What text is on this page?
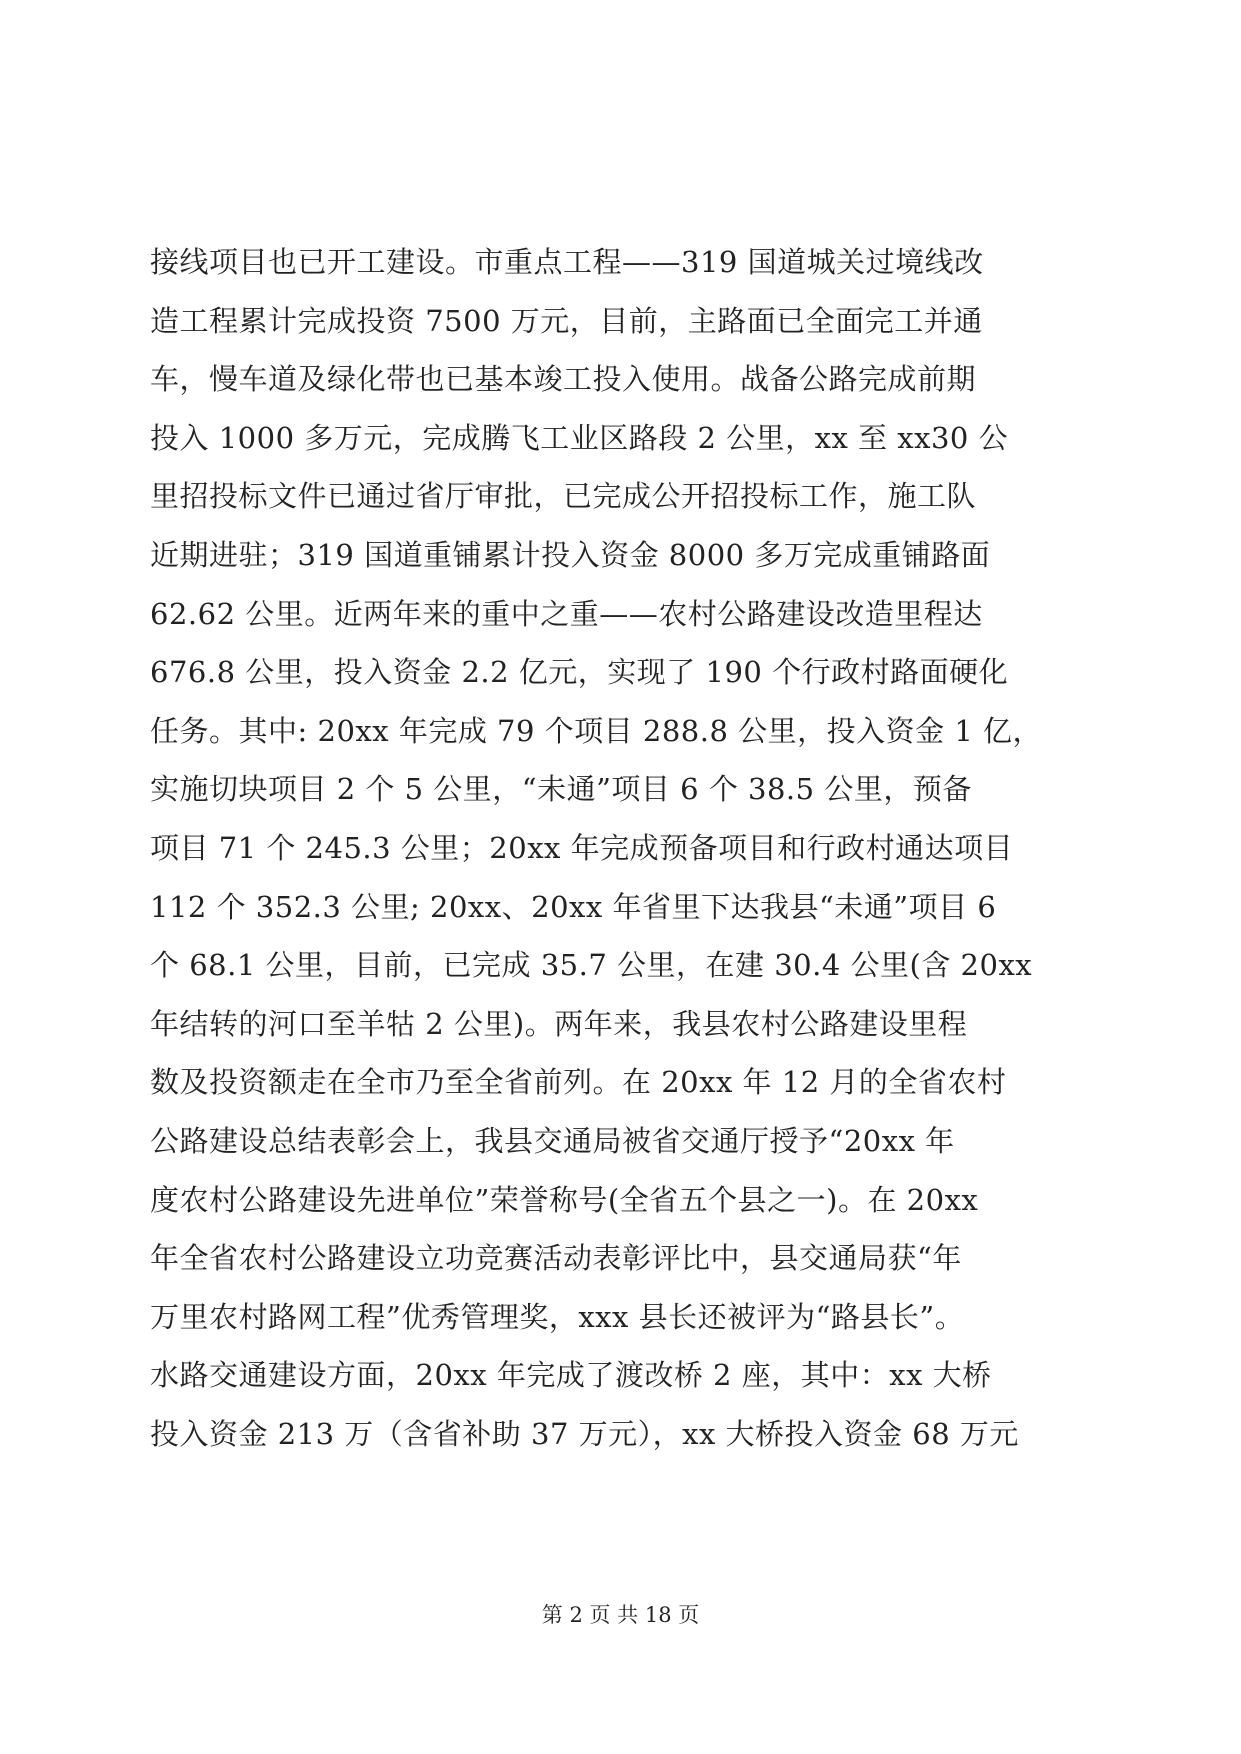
接线项目也已开工建设。市重点工程——319 国道城关过境线改
造工程累计完成投资 7500 万元，目前，主路面已全面完工并通
车，慢车道及绿化带也已基本竣工投入使用。战备公路完成前期
投入 1000 多万元，完成腾飞工业区路段 2 公里，xx 至 xx30 公
里招投标文件已通过省厅审批，已完成公开招投标工作，施工队
近期进驻；319 国道重铺累计投入资金 8000 多万完成重铺路面
62.62 公里。近两年来的重中之重——农村公路建设改造里程达
676.8 公里，投入资金 2.2 亿元，实现了 190 个行政村路面硬化
任务。其中: 20xx 年完成 79 个项目 288.8 公里，投入资金 1 亿，
实施切块项目 2 个 5 公里，“未通”项目 6 个 38.5 公里，预备
项目 71 个 245.3 公里；20xx 年完成预备项目和行政村通达项目
112 个 352.3 公里; 20xx、20xx 年省里下达我县“未通”项目 6
个 68.1 公里，目前，已完成 35.7 公里，在建 30.4 公里(含 20xx
年结转的河口至羊牯 2 公里)。两年来，我县农村公路建设里程
数及投资额走在全市乃至全省前列。在 20xx 年 12 月的全省农村
公路建设总结表彰会上，我县交通局被省交通厅授予“20xx 年
度农村公路建设先进单位”荣誉称号(全省五个县之一)。在 20xx
年全省农村公路建设立功竞赛活动表彰评比中，县交通局获“年
万里农村路网工程”优秀管理奖，xxx 县长还被评为“路县长”。
水路交通建设方面，20xx 年完成了渡改桥 2 座，其中：xx 大桥
投入资金 213 万（含省补助 37 万元），xx 大桥投入资金 68 万元
第 2 页 共 18 页
